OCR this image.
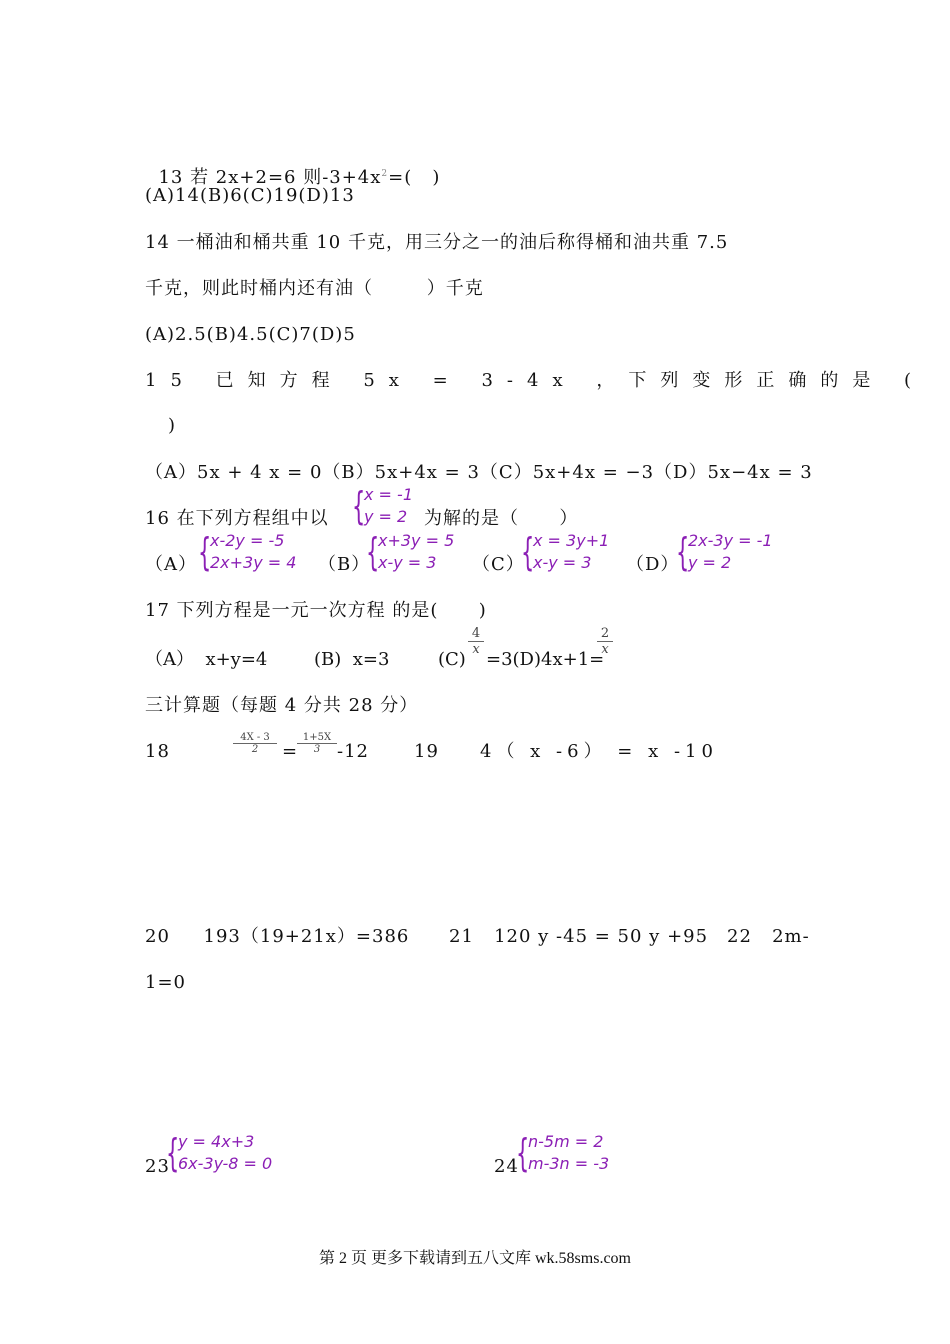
13 若 2x+2=6 则$-3+4x^2=$(   )

(A)14(B)6(C)19(D)13
14 一桶油和桶共重 10 千克，用三分之一的油后称得桶和油共重 7.5
千克，则此时桶内还有油（        ）千克
(A)2.5(B)4.5(C)7(D)5
15 已知方程 5x = 3-4x ，下列变形正确的是 (
)
（A）5x + 4 x = 0（B）5x+4x = 3（C）5x+4x = −3（D）5x−4x = 3
16 在下列方程组中以 {
x = -1
y = 2 为解的是（      ）
（A） {
x-2y = -5
2x+3y = 4 （B）
{
x+3y = 5
x-y = 3 （C）
{
x = 3y+1
x-y = 3 （D）
{
2x-3y = -1
y = 2
17 下列方程是一元一次方程 的是(      )
（A）  x+y=4	(B)  x=3	(C)
$\frac{4}{x}$
=3(D)4x+1=
$\frac{2}{x}$
三计算题（每题 4 分共 28 分）
18	$\frac{4X - 3}{2}$ =
$\frac{1+5X}{3} -12$	19 4（ x -6） = x -10
20     193（19+21x）=386 21   120 y -45 = 50 y +95 22   2m-
1=0
23
{
y = 4x+3
6x-3y-8 = 0	24
{
n-5m = 2
m-3n = -3
第 2 页 更多下载请到五八文库 wk.58sms.com
